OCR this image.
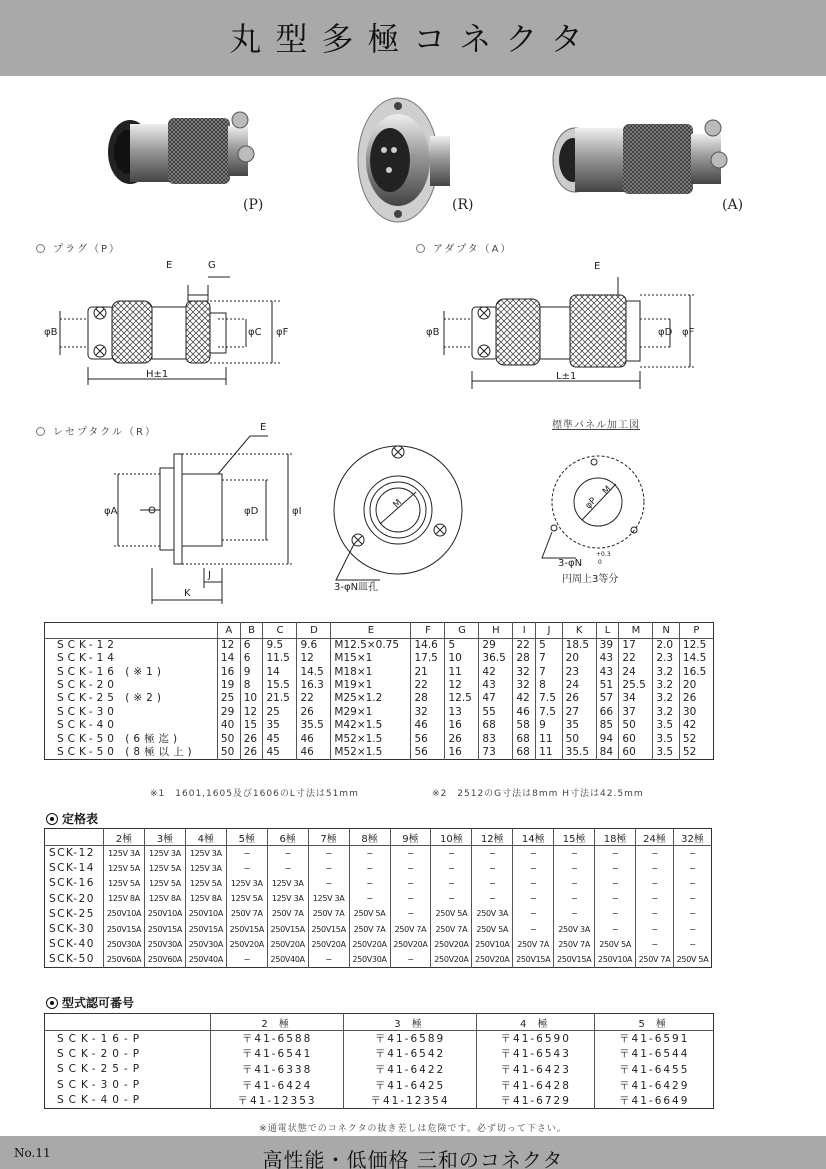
丸型多極コネクタ
(P)	(R)	(A)
プラグ（P）	アダプタ（A）
レセプタクル（R）
E	G
φB	φC φF
H±1
E
φB	φD φF
L±1
E
φA	φD	φI
J
K
M
3-φN皿孔
標準パネル加工図
φP
M
3-φN
+0.3
0
円周上3等分
	A	B	C	D	E	F	G	H	I	J	K	L	M	N	P
SCK-12	12	6	9.5	9.6	M12.5×0.75	14.6	5	29	22	5	18.5	39	17	2.0	12.5
SCK-14	14	6	11.5	12	M15×1	17.5	10	36.5	28	7	20	43	22	2.3	14.5
SCK-16 (※1)	16	9	14	14.5	M18×1	21	11	42	32	7	23	43	24	3.2	16.5
SCK-20	19	8	15.5	16.3	M19×1	22	12	43	32	8	24	51	25.5	3.2	20
SCK-25 (※2)	25	10	21.5	22	M25×1.2	28	12.5	47	42	7.5	26	57	34	3.2	26
SCK-30	29	12	25	26	M29×1	32	13	55	46	7.5	27	66	37	3.2	30
SCK-40	40	15	35	35.5	M42×1.5	46	16	68	58	9	35	85	50	3.5	42
SCK-50 (6極迄)	50	26	45	46	M52×1.5	56	26	83	68	11	50	94	60	3.5	52
SCK-50 (8極以上)	50	26	45	46	M52×1.5	56	16	73	68	11	35.5	84	60	3.5	52
※1　1601,1605及び1606のL寸法は51mm	※2　2512のG寸法は8mm H寸法は42.5mm
定格表
	2極	3極	4極	5極	6極	7極	8極	9極	10極	12極	14極	15極	18極	24極	32極
SCK-12	125V 3A	125V 3A	125V 3A	−	−	−	−	−	−	−	−	−	−	−	−
SCK-14	125V 5A	125V 5A	125V 3A	−	−	−	−	−	−	−	−	−	−	−	−
SCK-16	125V 5A	125V 5A	125V 5A	125V 3A	125V 3A	−	−	−	−	−	−	−	−	−	−
SCK-20	125V 8A	125V 8A	125V 8A	125V 5A	125V 3A	125V 3A	−	−	−	−	−	−	−	−	−
SCK-25	250V10A	250V10A	250V10A	250V 7A	250V 7A	250V 7A	250V 5A	−	250V 5A	250V 3A	−	−	−	−	−
SCK-30	250V15A	250V15A	250V15A	250V15A	250V15A	250V15A	250V 7A	250V 7A	250V 7A	250V 5A	−	250V 3A	−	−	−
SCK-40	250V30A	250V30A	250V30A	250V20A	250V20A	250V20A	250V20A	250V20A	250V20A	250V10A	250V 7A	250V 7A	250V 5A	−	−
SCK-50	250V60A	250V60A	250V40A	−	250V40A	−	250V30A	−	250V20A	250V20A	250V15A	250V15A	250V10A	250V 7A	250V 5A
型式認可番号
	2 極	3 極	4 極	5 極
SCK-16-P	〒41-6588	〒41-6589	〒41-6590	〒41-6591
SCK-20-P	〒41-6541	〒41-6542	〒41-6543	〒41-6544
SCK-25-P	〒41-6338	〒41-6422	〒41-6423	〒41-6455
SCK-30-P	〒41-6424	〒41-6425	〒41-6428	〒41-6429
SCK-40-P	〒41-12353	〒41-12354	〒41-6729	〒41-6649
※通電状態でのコネクタの抜き差しは危険です。必ず切って下さい。
No.11	高性能・低価格 三和のコネクタ
